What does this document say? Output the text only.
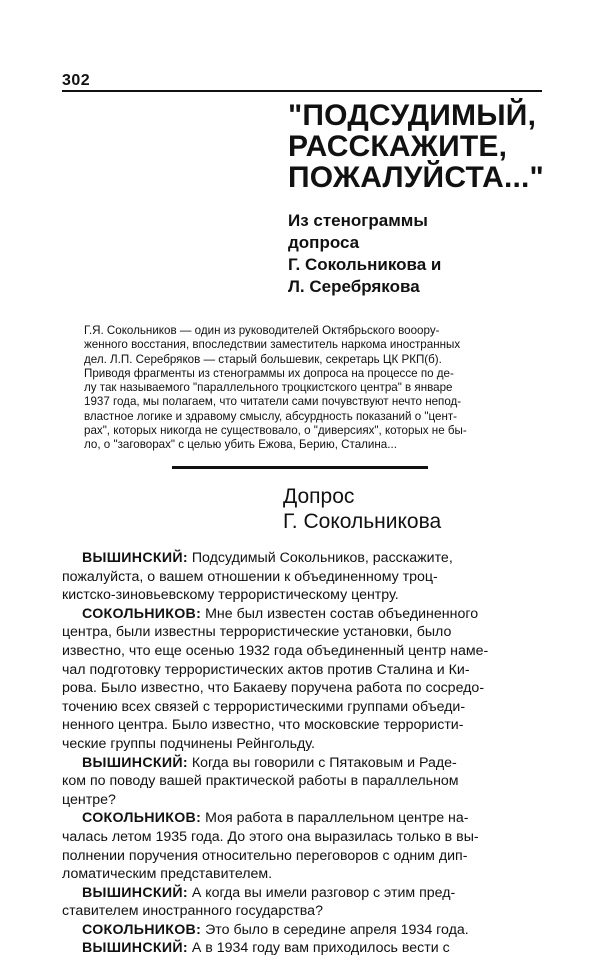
302
"ПОДСУДИМЫЙ,
РАССКАЖИТЕ,
ПОЖАЛУЙСТА..."
Из стенограммы
допроса
Г. Сокольникова и
Л. Серебрякова

Г.Я. Сокольников — один из руководителей Октябрьского вооору-
женного восстания, впоследствии заместитель наркома иностранных
дел. Л.П. Серебряков — старый большевик, секретарь ЦК РКП(б).

Приводя фрагменты из стенограммы их допроса на процессе по де-
лу так называемого "параллельного троцкистского центра" в январе
1937 года, мы полагаем, что читатели сами почувствуют нечто непод-
властное логике и здравому смыслу, абсурдность показаний о "цент-
рах", которых никогда не существовало, о "диверсиях", которых не бы-
ло, о "заговорах" с целью убить Ежова, Берию, Сталина...

Допрос
Г. Сокольникова

ВЫШИНСКИЙ: Подсудимый Сокольников, расскажите,
пожалуйста, о вашем отношении к объединенному троц-
кистско-зиновьевскому террористическому центру.

СОКОЛЬНИКОВ: Мне был известен состав объединенного
центра, были известны террористические установки, было
известно, что еще осенью 1932 года объединенный центр наме-
чал подготовку террористических актов против Сталина и Ки-
рова. Было известно, что Бакаеву поручена работа по сосредо-
точению всех связей с террористическими группами объеди-
ненного центра. Было известно, что московские террористи-
ческие группы подчинены Рейнгольду.

ВЫШИНСКИЙ: Когда вы говорили с Пятаковым и Раде-
ком по поводу вашей практической работы в параллельном
центре?

СОКОЛЬНИКОВ: Моя работа в параллельном центре на-
чалась летом 1935 года. До этого она выразилась только в вы-
полнении поручения относительно переговоров с одним дип-
ломатическим представителем.

ВЫШИНСКИЙ: А когда вы имели разговор с этим пред-
ставителем иностранного государства?

СОКОЛЬНИКОВ: Это было в середине апреля 1934 года.

ВЫШИНСКИЙ: А в 1934 году вам приходилось вести с
